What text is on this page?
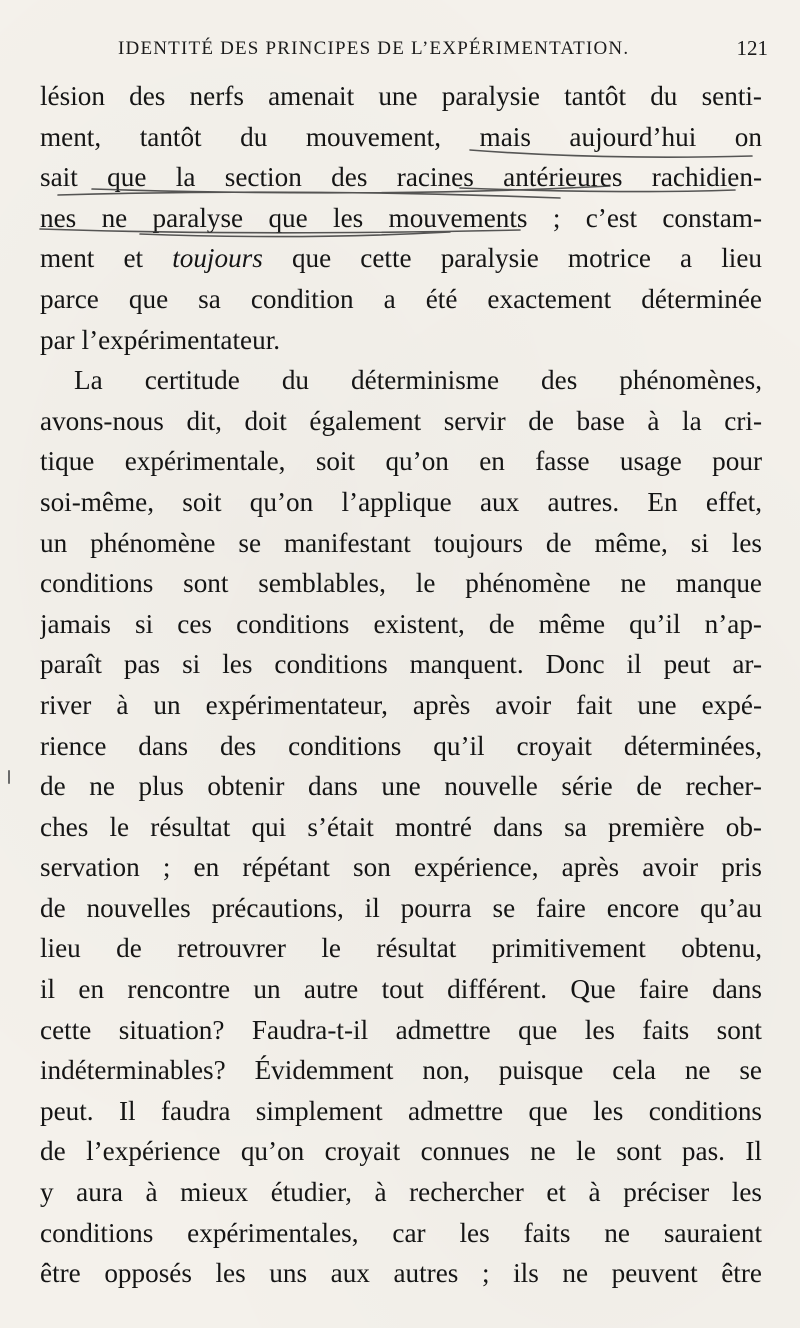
IDENTITÉ DES PRINCIPES DE L’EXPÉRIMENTATION.	121
lésion des nerfs amenait une paralysie tantôt du senti-
ment, tantôt du mouvement, mais aujourd’hui on
sait que la section des racines antérieures rachidien-
nes ne paralyse que les mouvements ; c’est constam-
ment et toujours que cette paralysie motrice a lieu
parce que sa condition a été exactement déterminée
par l’expérimentateur.
La certitude du déterminisme des phénomènes,
avons-nous dit, doit également servir de base à la cri-
tique expérimentale, soit qu’on en fasse usage pour
soi-même, soit qu’on l’applique aux autres. En effet,
un phénomène se manifestant toujours de même, si les
conditions sont semblables, le phénomène ne manque
jamais si ces conditions existent, de même qu’il n’ap-
paraît pas si les conditions manquent. Donc il peut ar-
river à un expérimentateur, après avoir fait une expé-
rience dans des conditions qu’il croyait déterminées,
de ne plus obtenir dans une nouvelle série de recher-
ches le résultat qui s’était montré dans sa première ob-
servation ; en répétant son expérience, après avoir pris
de nouvelles précautions, il pourra se faire encore qu’au
lieu de retrouvrer le résultat primitivement obtenu,
il en rencontre un autre tout différent. Que faire dans
cette situation? Faudra-t-il admettre que les faits sont
indéterminables? Évidemment non, puisque cela ne se
peut. Il faudra simplement admettre que les conditions
de l’expérience qu’on croyait connues ne le sont pas. Il
y aura à mieux étudier, à rechercher et à préciser les
conditions expérimentales, car les faits ne sauraient
être opposés les uns aux autres ; ils ne peuvent être
